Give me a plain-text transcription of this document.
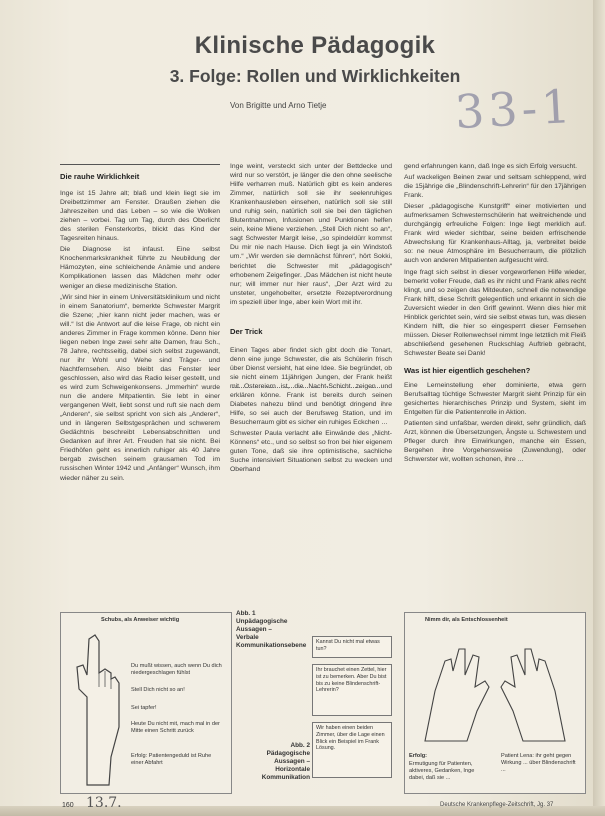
Klinische Pädagogik
3. Folge: Rollen und Wirklichkeiten
Von Brigitte und Arno Tietje	33-1

Die rauhe Wirklichkeit

Inge ist 15 Jahre alt; blaß und klein liegt sie im Dreibettzimmer am Fenster. Draußen ziehen die Jahreszeiten und das Leben – so wie die Wolken ziehen – vorbei. Tag um Tag, durch des Oberlicht des sterilen Fensterkorbs, blickt das Kind der Tagesreiten hinaus.

Die Diagnose ist infaust. Eine selbst Knochenmarkskrankheit führte zu Neubildung der Hämozyten, eine schleichende Anämie und andere Komplikationen lassen das Mädchen mehr oder weniger an diese medizinische Station.

„Wir sind hier in einem Universitätsklinikum und nicht in einem Sanatorium“, bemerkte Schwester Margrit die Szene; „hier kann nicht jeder machen, was er will.“ Ist die Antwort auf die leise Frage, ob nicht ein anderes Zimmer in Frage kommen könne. Denn hier liegen neben Inge zwei sehr alte Damen, frau Sch., 78 Jahre, rechtsseitig, dabei sich selbst zugewandt, nur ihr Wohl und Wehe sind Träger- und Nachtfernsehen. Also bleibt das Fenster leer geschlossen, also wird das Radio leiser gestellt, und es wird zum Schweigenkonsens. „Immerhin“ wurde nun die andere Mitpatientin. Sie lebt in einer vergangenen Welt, liebt sonst und ruft sie nach dem „Anderen“, sie selbst spricht von sich als „Anderer“, und in längeren Selbstgesprächen und schwerem Gedächtnis beschreibt Lebensabschnitten und Gedanken auf ihrer Art. Freuden hat sie nicht. Bei Friedhöfen geht es innerlich ruhiger als 40 Jahre bergab zwischen seinem grausamen Tod im russischen Winter 1942 und „Anfänger“ Wunsch, ihm wieder näher zu sein.

Inge weint, versteckt sich unter der Bettdecke und wird nur so verstört, je länger die den ohne seelische Hilfe verharren muß. Natürlich gibt es kein anderes Zimmer, natürlich soll sie ihr seelenruhiges Krankenhausleben einsehen, natürlich soll sie still und ruhig sein, natürlich soll sie bei den täglichen Blutentnahmen, Infusionen und Punktionen helfen sein, keine Miene verziehen. „Stell Dich nicht so an“, sagt Schwester Margit leise, „so spindeldürr kommst Du mir nie nach Hause. Dich liegt ja ein Windstoß um.“ „Wir werden sie demnächst führen“, hört Sokki, berichtet die Schwester mit „pädagogisch“ erhobenem Zeigefinger. „Das Mädchen ist nicht heute nur; will immer nur hier raus“, „Der Arzt wird zu unsteter, ungehobelter, ersetzte Rezeptverordnung im speziell über Inge, aber kein Wort mit ihr.

Der Trick

Einen Tages aber findet sich gibt doch die Tonart, denn eine junge Schwester, die als Schülerin frisch über Dienst versieht, hat eine Idee. Sie begründet, ob sie nicht einem 11jährigen Jungen, der Frank heißt mit Ostereiern ist, die Nacht-Schicht zeigen und erklären könne. Frank ist bereits durch seinen Diabetes nahezu blind und benötigt dringend ihre Hilfe, so sei auch der Berufsweg Station, und im Besucherraum gibt es sicher ein ruhiges Eckchen …

Schwester Paula verlacht alle Einwände des „Nicht-Könnens“ etc., und so selbst so fron bei hier eigenem guten Tone, daß sie ihre optimistische, sachliche Suche intensiviert Situationen selbst zu wecken und Oberhand

gend erfahrungen kann, daß Inge es sich Erfolg versucht.

Auf wackeligen Beinen zwar und seltsam schleppend, wird die 15jährige die „Blindenschrift-Lehrerin“ für den 17jährigen Frank.

Dieser „pädagogische Kunstgriff“ einer motivierten und aufmerksamen Schwesternschülerin hat weitreichende und durchgängig erfreuliche Folgen: Inge liegt merklich auf. Frank wird wieder sichtbar, seine beiden erfrischende Abwechslung für Krankenhaus-Alltag, ja, verbreitet beide so: ne neue Atmosphäre im Besucherraum, die plötzlich auch von anderen Mitpatienten aufgesucht wird.

Inge fragt sich selbst in dieser vorgeworfenen Hilfe wieder, bemerkt voller Freude, daß es ihr nicht und Frank alles recht klingt, und so zeigen das Mitdeuten, schnell die notwendige Frank hilft, diese Schrift gelegentlich und erkannt in sich die Zuversicht wieder in den Griff gewinnt. Wenn dies hier mit Hinblick gerichtet sein, wird sie selbst etwas tun, was diesen Kindern hilft, die hier so eingesperrt dieser Fernsehen müssen. Dieser Rollenwechsel nimmt Inge letztlich mit Fleiß abschließend gesehenen Ruckschlag Auftrieb gebracht, Schwester Beate sei Dank!

Was ist hier eigentlich geschehen?

Eine Lerneinstellung eher dominierte, etwa gern Berufsalltag tüchtige Schwester Margrit sieht Prinzip für ein gesichertes hierarchisches Prinzip und System, sieht im Entgelten für die Patientenrolle in Aktion.

Patienten sind unfaßbar, werden direkt, sehr gründlich, daß Arzt, können die Übersetzungen, Ängste u. Schwestern und Pfleger durch ihre Einwirkungen, manche ein Essen, Bergehen ihre Vorgehensweise (Zuwendung), oder Schwerster wir, wollten schonen, ihre ...

Schubs, als Anweiser wichtig
Du mußt wissen, auch wenn Du dich niedergeschlagen fühlst
Stell Dich nicht so an!
Sei tapfer!
Heute Du nicht mit, mach mal in der Mitte einen Schritt zurück
Erfolg: Patientengeduld ist Ruhe einer Abfahrt
Abb. 1
Unpädagogische Aussagen –
Verbale Kommunikationsebene	Kannst Du nicht mal etwas tun?
Ihr brauchet einen Zettel, hier ist zu bemerken. Aber Du bist bis zu keine Blindenschrift-Lehrerin?
Wir haben einen beiden Zimmer, über die Lage einen Blick ein Beispiel im Frank Lösung.
Abb. 2
Pädagogische Aussagen –
Horizontale Kommunikation
Nimm dir, als Entschlossenheit
Erfolg:
Ermutigung für Patienten, aktiveres, Gedanken, Inge dabei, daß sie ...
Patient Lena: ihr geht gegen Wirkung ... über Blindenschrift ...
160 13.7.	Deutsche Krankenpflege-Zeitschrift, Jg. 37
